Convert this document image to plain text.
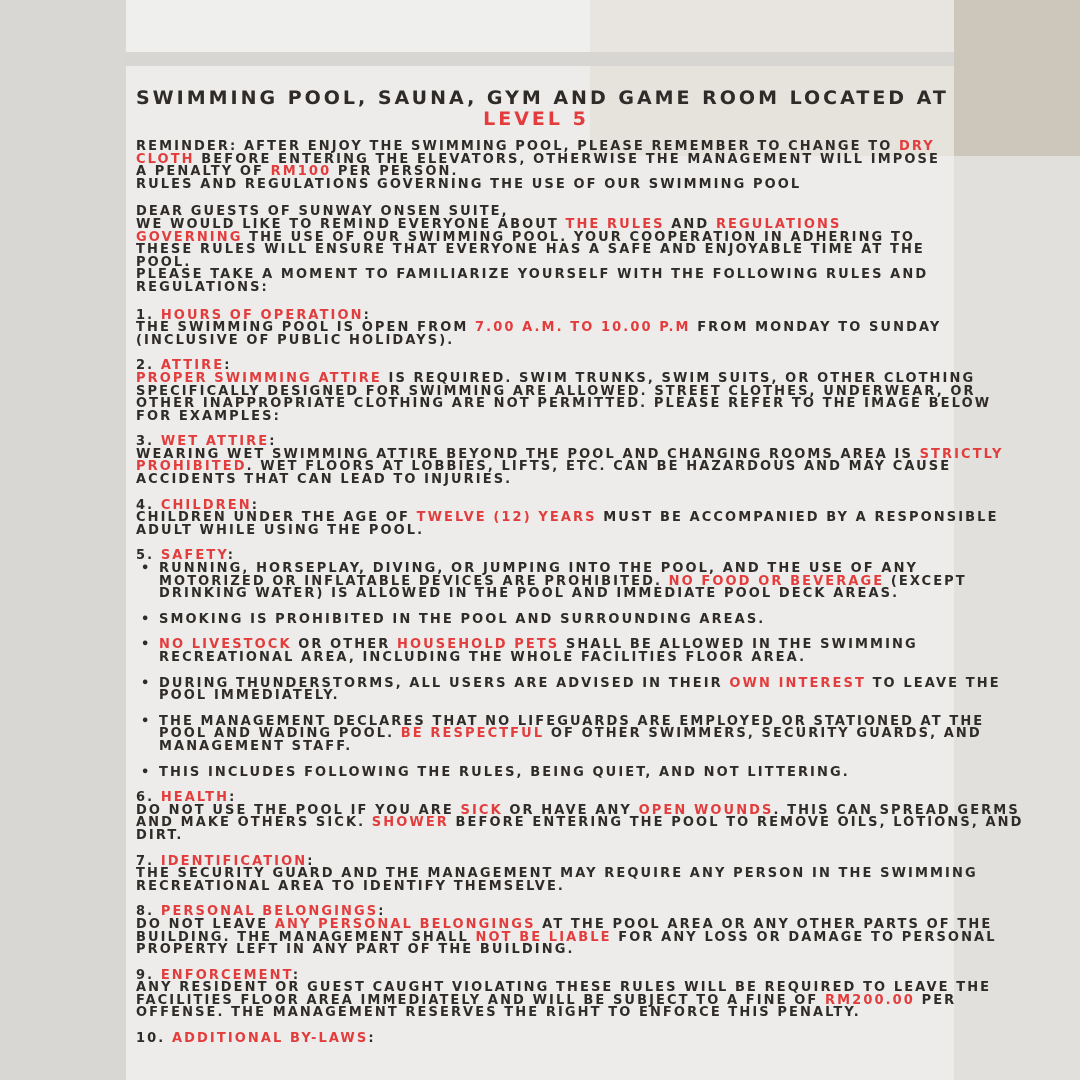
SWIMMING POOL, SAUNA, GYM AND GAME ROOM LOCATED AT
LEVEL 5

REMINDER: AFTER ENJOY THE SWIMMING POOL, PLEASE REMEMBER TO CHANGE TO DRY

CLOTH BEFORE ENTERING THE ELEVATORS, OTHERWISE THE MANAGEMENT WILL IMPOSE

A PENALTY OF RM100 PER PERSON.

RULES AND REGULATIONS GOVERNING THE USE OF OUR SWIMMING POOL

DEAR GUESTS OF SUNWAY ONSEN SUITE,

WE WOULD LIKE TO REMIND EVERYONE ABOUT THE RULES AND REGULATIONS

GOVERNING THE USE OF OUR SWIMMING POOL. YOUR COOPERATION IN ADHERING TO

THESE RULES WILL ENSURE THAT EVERYONE HAS A SAFE AND ENJOYABLE TIME AT THE

POOL.

PLEASE TAKE A MOMENT TO FAMILIARIZE YOURSELF WITH THE FOLLOWING RULES AND

REGULATIONS:

1. HOURS OF OPERATION:

THE SWIMMING POOL IS OPEN FROM 7.00 A.M. TO 10.00 P.M FROM MONDAY TO SUNDAY

(INCLUSIVE OF PUBLIC HOLIDAYS).

2. ATTIRE:

PROPER SWIMMING ATTIRE IS REQUIRED. SWIM TRUNKS, SWIM SUITS, OR OTHER CLOTHING

SPECIFICALLY DESIGNED FOR SWIMMING ARE ALLOWED. STREET CLOTHES, UNDERWEAR, OR

OTHER INAPPROPRIATE CLOTHING ARE NOT PERMITTED. PLEASE REFER TO THE IMAGE BELOW

FOR EXAMPLES:

3. WET ATTIRE:

WEARING WET SWIMMING ATTIRE BEYOND THE POOL AND CHANGING ROOMS AREA IS STRICTLY

PROHIBITED. WET FLOORS AT LOBBIES, LIFTS, ETC. CAN BE HAZARDOUS AND MAY CAUSE

ACCIDENTS THAT CAN LEAD TO INJURIES.

4. CHILDREN:

CHILDREN UNDER THE AGE OF TWELVE (12) YEARS MUST BE ACCOMPANIED BY A RESPONSIBLE

ADULT WHILE USING THE POOL.

5. SAFETY:

• RUNNING, HORSEPLAY, DIVING, OR JUMPING INTO THE POOL, AND THE USE OF ANY

MOTORIZED OR INFLATABLE DEVICES ARE PROHIBITED. NO FOOD OR BEVERAGE (EXCEPT

DRINKING WATER) IS ALLOWED IN THE POOL AND IMMEDIATE POOL DECK AREAS.

• SMOKING IS PROHIBITED IN THE POOL AND SURROUNDING AREAS.

• NO LIVESTOCK OR OTHER HOUSEHOLD PETS SHALL BE ALLOWED IN THE SWIMMING

RECREATIONAL AREA, INCLUDING THE WHOLE FACILITIES FLOOR AREA.

• DURING THUNDERSTORMS, ALL USERS ARE ADVISED IN THEIR OWN INTEREST TO LEAVE THE

POOL IMMEDIATELY.

• THE MANAGEMENT DECLARES THAT NO LIFEGUARDS ARE EMPLOYED OR STATIONED AT THE

POOL AND WADING POOL. BE RESPECTFUL OF OTHER SWIMMERS, SECURITY GUARDS, AND

MANAGEMENT STAFF.

• THIS INCLUDES FOLLOWING THE RULES, BEING QUIET, AND NOT LITTERING.

6. HEALTH:

DO NOT USE THE POOL IF YOU ARE SICK OR HAVE ANY OPEN WOUNDS. THIS CAN SPREAD GERMS

AND MAKE OTHERS SICK. SHOWER BEFORE ENTERING THE POOL TO REMOVE OILS, LOTIONS, AND

DIRT.

7. IDENTIFICATION:

THE SECURITY GUARD AND THE MANAGEMENT MAY REQUIRE ANY PERSON IN THE SWIMMING

RECREATIONAL AREA TO IDENTIFY THEMSELVE.

8. PERSONAL BELONGINGS:

DO NOT LEAVE ANY PERSONAL BELONGINGS AT THE POOL AREA OR ANY OTHER PARTS OF THE

BUILDING. THE MANAGEMENT SHALL NOT BE LIABLE FOR ANY LOSS OR DAMAGE TO PERSONAL

PROPERTY LEFT IN ANY PART OF THE BUILDING.

9. ENFORCEMENT:

ANY RESIDENT OR GUEST CAUGHT VIOLATING THESE RULES WILL BE REQUIRED TO LEAVE THE

FACILITIES FLOOR AREA IMMEDIATELY AND WILL BE SUBJECT TO A FINE OF RM200.00 PER

OFFENSE. THE MANAGEMENT RESERVES THE RIGHT TO ENFORCE THIS PENALTY.

10. ADDITIONAL BY-LAWS:
